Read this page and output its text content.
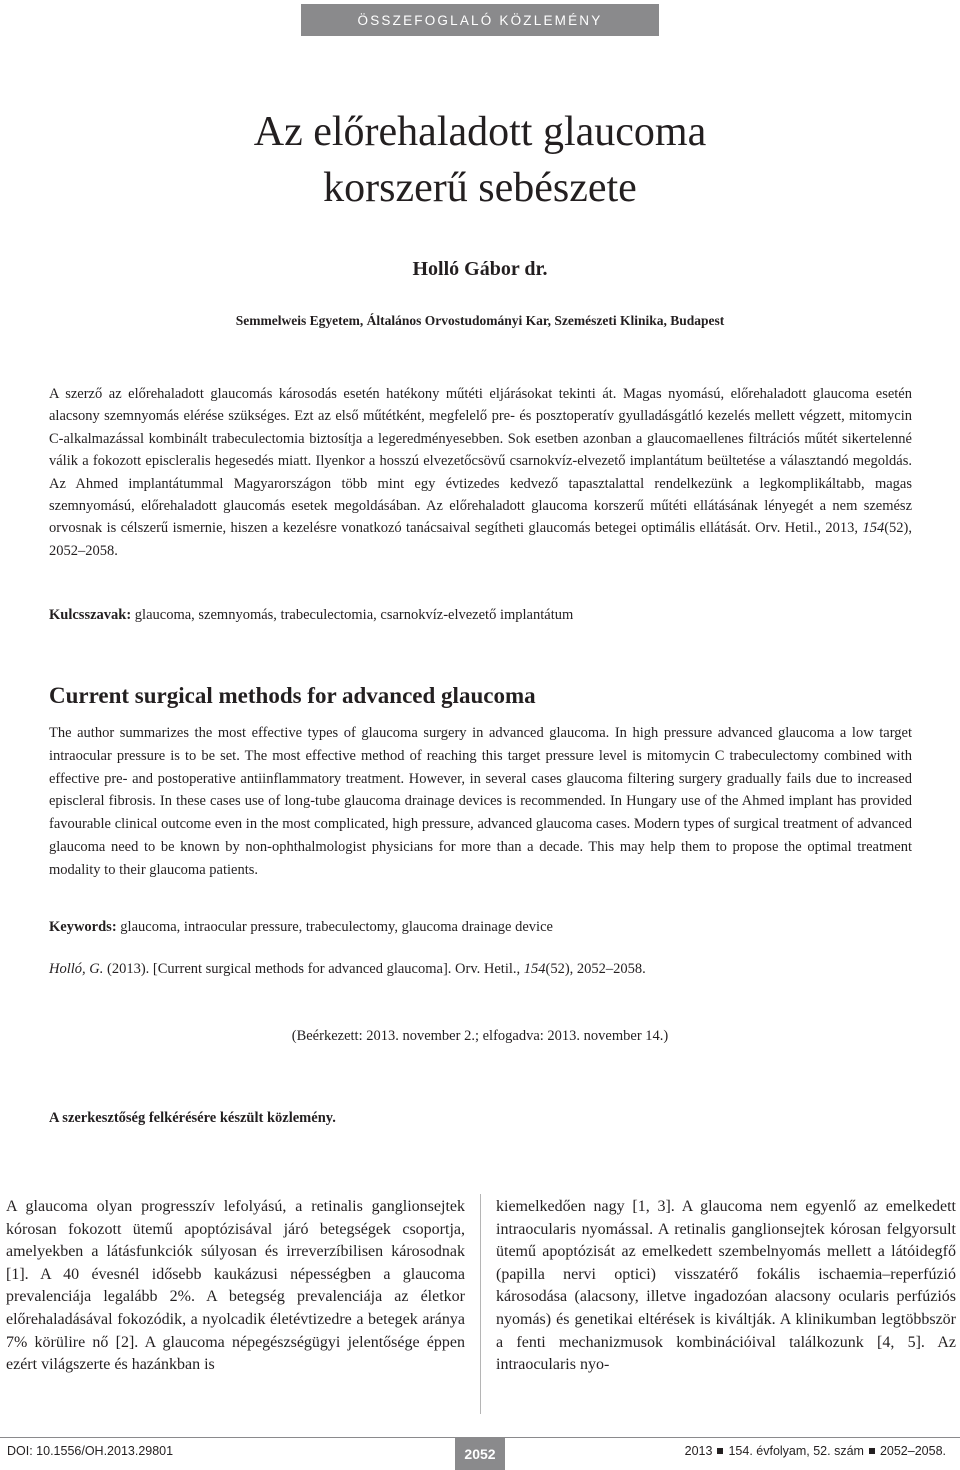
ÖSSZEFOGLALÓ KÖZLEMÉNY
Az előrehaladott glaucoma
korszerű sebészete
Holló Gábor dr.
Semmelweis Egyetem, Általános Orvostudományi Kar, Szemészeti Klinika, Budapest

A szerző az előrehaladott glaucomás károsodás esetén hatékony műtéti eljárásokat tekinti át. Magas nyomású, előrehaladott glaucoma esetén alacsony szemnyomás elérése szükséges. Ezt az első műtétként, megfelelő pre- és posztoperatív gyulladásgátló kezelés mellett végzett, mitomycin C-alkalmazással kombinált trabeculectomia biztosítja a legeredményesebben. Sok esetben azonban a glaucomaellenes filtrációs műtét sikertelenné válik a fokozott episcleralis hegesedés miatt. Ilyenkor a hosszú elvezetőcsövű csarnokvíz-elvezető implantátum beültetése a választandó megoldás. Az Ahmed implantátummal Magyarországon több mint egy évtizedes kedvező tapasztalattal rendelkezünk a legkomplikáltabb, magas szemnyomású, előrehaladott glaucomás esetek megoldásában. Az előrehaladott glaucoma korszerű műtéti ellátásának lényegét a nem szemész orvosnak is célszerű ismernie, hiszen a kezelésre vonatkozó tanácsaival segítheti glaucomás betegei optimális ellátását. Orv. Hetil., 2013, 154(52), 2052–2058.

Kulcsszavak: glaucoma, szemnyomás, trabeculectomia, csarnokvíz-elvezető implantátum

Current surgical methods for advanced glaucoma

The author summarizes the most effective types of glaucoma surgery in advanced glaucoma. In high pressure advanced glaucoma a low target intraocular pressure is to be set. The most effective method of reaching this target pressure level is mitomycin C trabeculectomy combined with effective pre- and postoperative antiinflammatory treatment. However, in several cases glaucoma filtering surgery gradually fails due to increased episcleral fibrosis. In these cases use of long-tube glaucoma drainage devices is recommended. In Hungary use of the Ahmed implant has provided favourable clinical outcome even in the most complicated, high pressure, advanced glaucoma cases. Modern types of surgical treatment of advanced glaucoma need to be known by non-ophthalmologist physicians for more than a decade. This may help them to propose the optimal treatment modality to their glaucoma patients.

Keywords: glaucoma, intraocular pressure, trabeculectomy, glaucoma drainage device

Holló, G. (2013). [Current surgical methods for advanced glaucoma]. Orv. Hetil., 154(52), 2052–2058.

(Beérkezett: 2013. november 2.; elfogadva: 2013. november 14.)
A szerkesztőség felkérésére készült közlemény.

A glaucoma olyan progresszív lefolyású, a retinalis ganglionsejtek kórosan fokozott ütemű apoptózisával járó betegségek csoportja, amelyekben a látásfunkciók súlyosan és irreverzíbilisen károsodnak [1]. A 40 évesnél idősebb kaukázusi népességben a glaucoma prevalenciája legalább 2%. A betegség prevalenciája az életkor előrehaladásával fokozódik, a nyolcadik életévtizedre a betegek aránya 7% körülire nő [2]. A glaucoma népegészségügyi jelentősége éppen ezért világszerte és hazánkban is

kiemelkedően nagy [1, 3]. A glaucoma nem egyenlő az emelkedett intraocularis nyomással. A retinalis ganglionsejtek kórosan felgyorsult ütemű apoptózisát az emelkedett szembelnyomás mellett a látóidegfő (papilla nervi optici) visszatérő fokális ischaemia–reperfúzió károsodása (alacsony, illetve ingadozóan alacsony ocularis perfúziós nyomás) és genetikai eltérések is kiváltják. A klinikumban legtöbbször a fenti mechanizmusok kombinációival találkozunk [4, 5]. Az intraocularis nyo-

DOI: 10.1556/OH.2013.29801	2052	2013 154. évfolyam, 52. szám 2052–2058.
